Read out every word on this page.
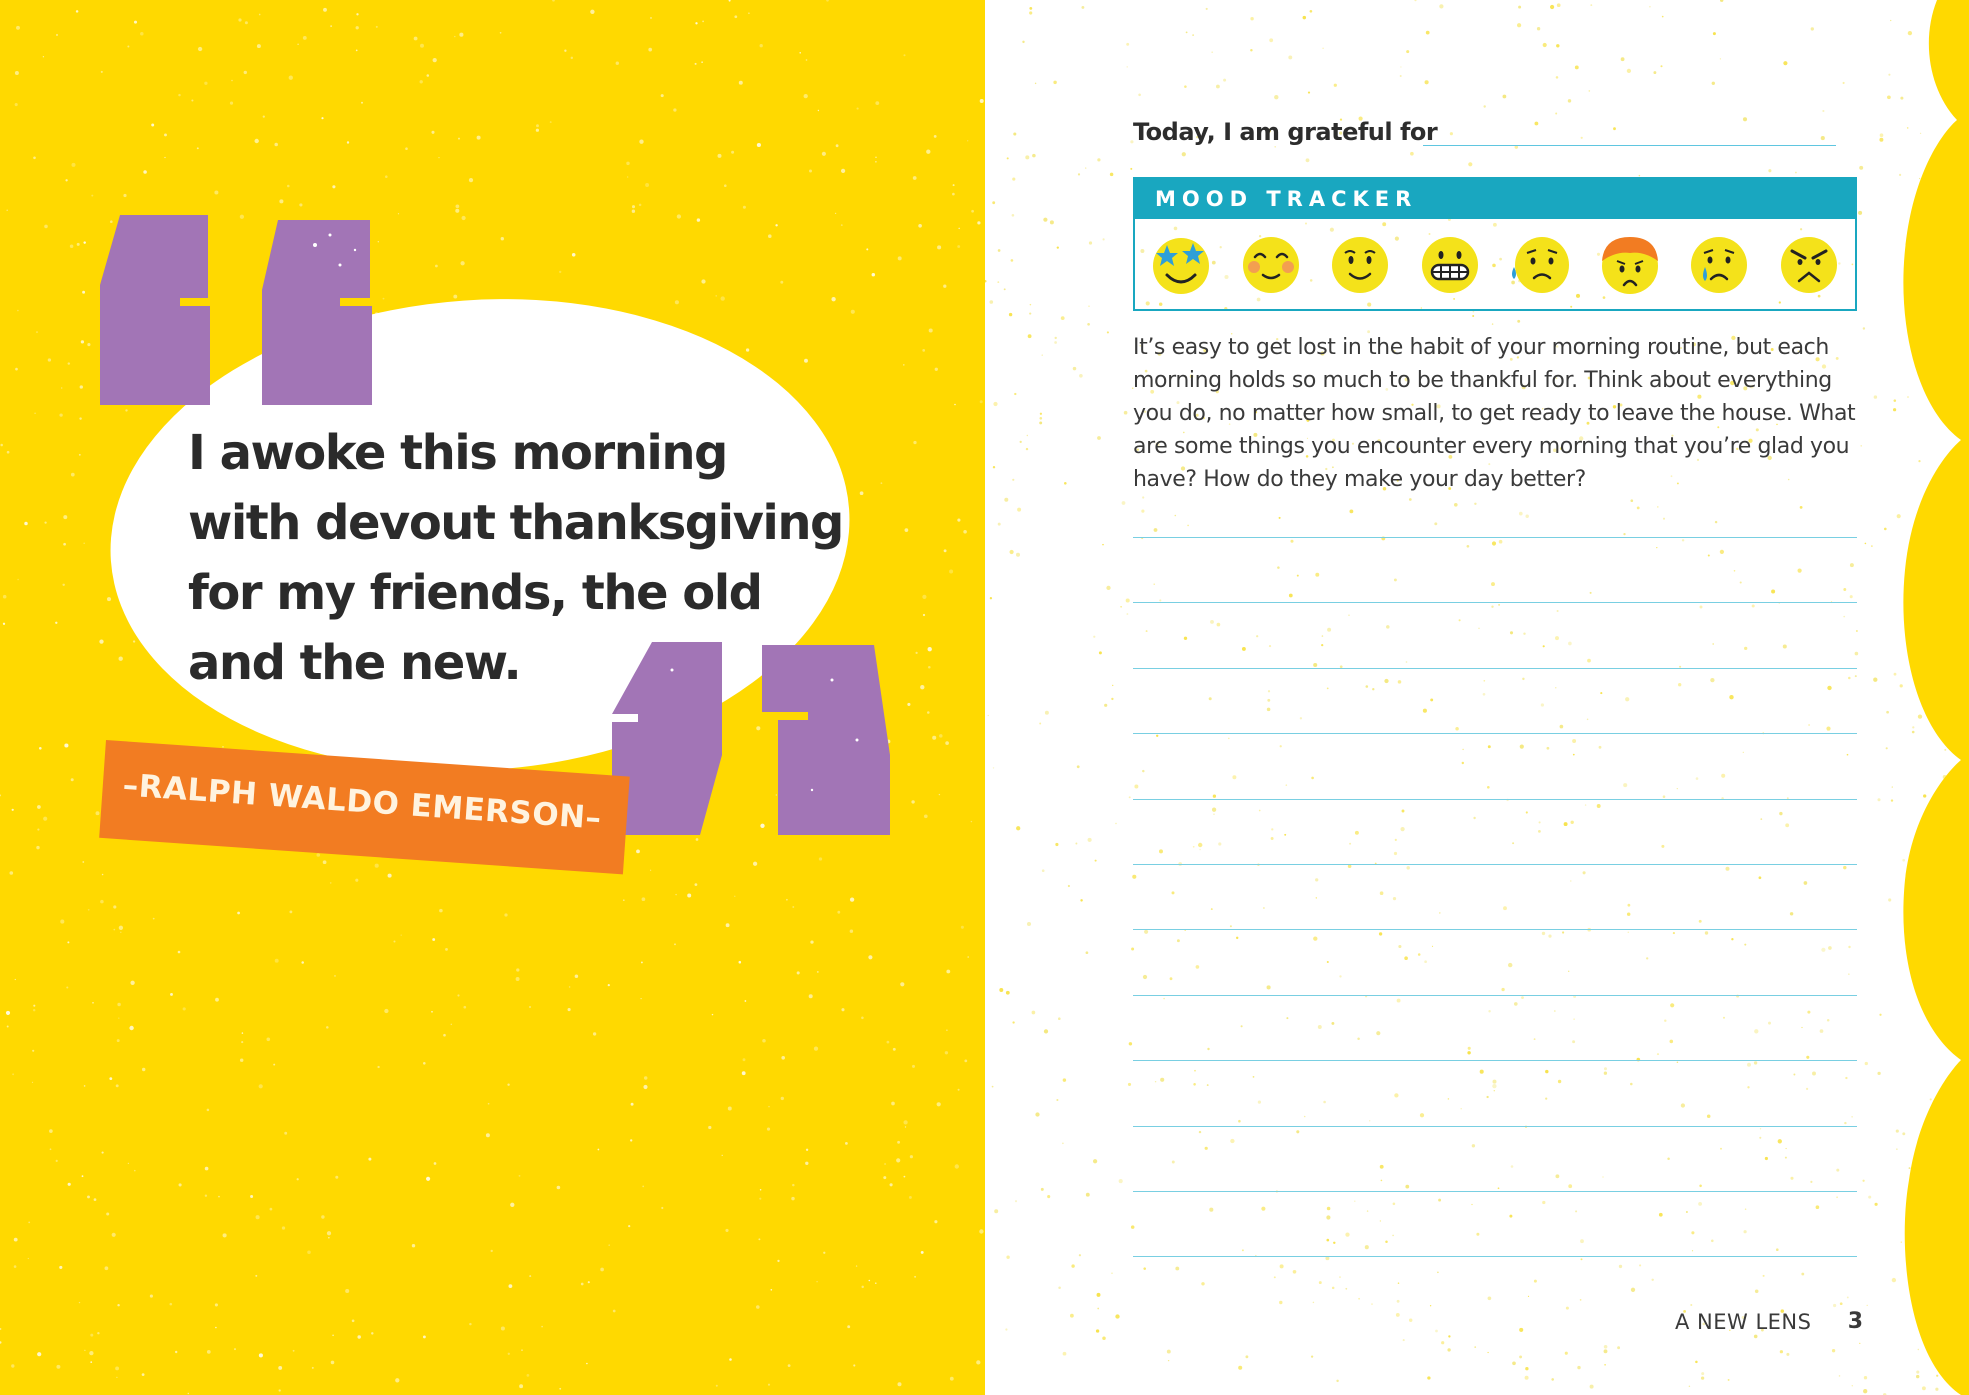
I awoke this morning
with devout thanksgiving
for my friends, the old
and the new.

–RALPH WALDO EMERSON–

Today, I am grateful for

MOOD TRACKER

It’s easy to get lost in the habit of your morning routine, but each morning holds so much to be thankful for. Think about everything you do, no matter how small, to get ready to leave the house. What are some things you encounter every morning that you’re glad you have? How do they make your day better?

A NEW LENS 3
